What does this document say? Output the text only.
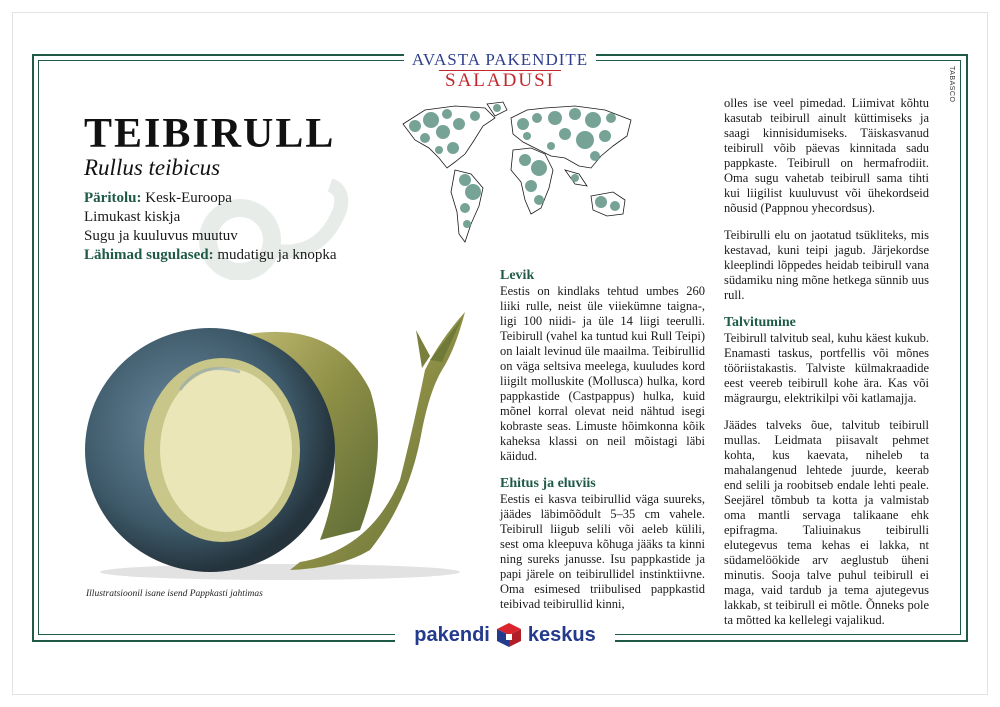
AVASTA PAKENDITE
SALADUSI	TABASCO
TEIBIRULL
Rullus teibicus
Päritolu: Kesk-Euroopa
Limukast kiskja
Sugu ja kuuluvus muutuv
Lähimad sugulased: mudatigu ja knopka
Illustratsioonil isane isend Pappkasti jahtimas
Levik

Eestis on kindlaks tehtud umbes 260 liiki rulle, neist üle viiekümne taigna-, ligi 100 niidi- ja üle 14 liigi teerulli. Teibirull (vahel ka tuntud kui Rull Teipi) on laialt levinud üle maailma. Teibirullid on väga seltsiva meelega, kuuludes kord liigilt molluskite (Mollusca) hulka, kord pappkastide (Castpappus) hulka, kuid mõnel korral olevat neid nähtud isegi kobraste seas. Limuste hõimkonna kõik kaheksa klassi on neil mõistagi läbi käidud.

Ehitus ja eluviis

Eestis ei kasva teibirullid väga suureks, jäädes läbimõõdult 5–35 cm vahele. Teibirull liigub selili või aeleb külili, sest oma kleepuva kõhuga jääks ta kinni ning sureks janusse. Isu pappkastide ja papi järele on teibirullidel instinktiivne. Oma esimesed triibulised pappkastid teibivad teibirullid kinni,

olles ise veel pimedad. Liimivat kõhtu kasutab teibirull ainult küttimiseks ja saagi kinnisidumiseks. Täiskasvanud teibirull võib päevas kinnitada sadu pappkaste. Teibirull on hermafrodiit. Oma sugu vahetab teibirull sama tihti kui liigilist kuuluvust või ühekordseid nõusid (Pappnou yhecordsus).

Teibirulli elu on jaotatud tsükliteks, mis kestavad, kuni teipi jagub. Järjekordse kleeplindi lõppedes heidab teibirull vana südamiku ning mõne hetkega sünnib uus rull.

Talvitumine

Teibirull talvitub seal, kuhu käest kukub. Enamasti taskus, portfellis või mõnes tööriistakastis. Talviste külmakraadide eest veereb teibirull kohe ära. Kas või mägraurgu, elektrikilpi või katlamajja.

Jäädes talveks õue, talvitub teibirull mullas. Leidmata piisavalt pehmet kohta, kus kaevata, niheleb ta mahalangenud lehtede juurde, keerab end selili ja roobitseb endale lehti peale. Seejärel tõmbub ta kotta ja valmistab oma mantli servaga talikaane ehk epifragma. Taliuinakus teibirulli elutegevus tema kehas ei lakka, nt südamelöökide arv aeglustub üheni minutis. Sooja talve puhul teibirull ei maga, vaid tardub ja tema ajutegevus lakkab, st teibirull ei mõtle. Õnneks pole ta mõtted ka kellelegi vajalikud.

pakendi keskus
